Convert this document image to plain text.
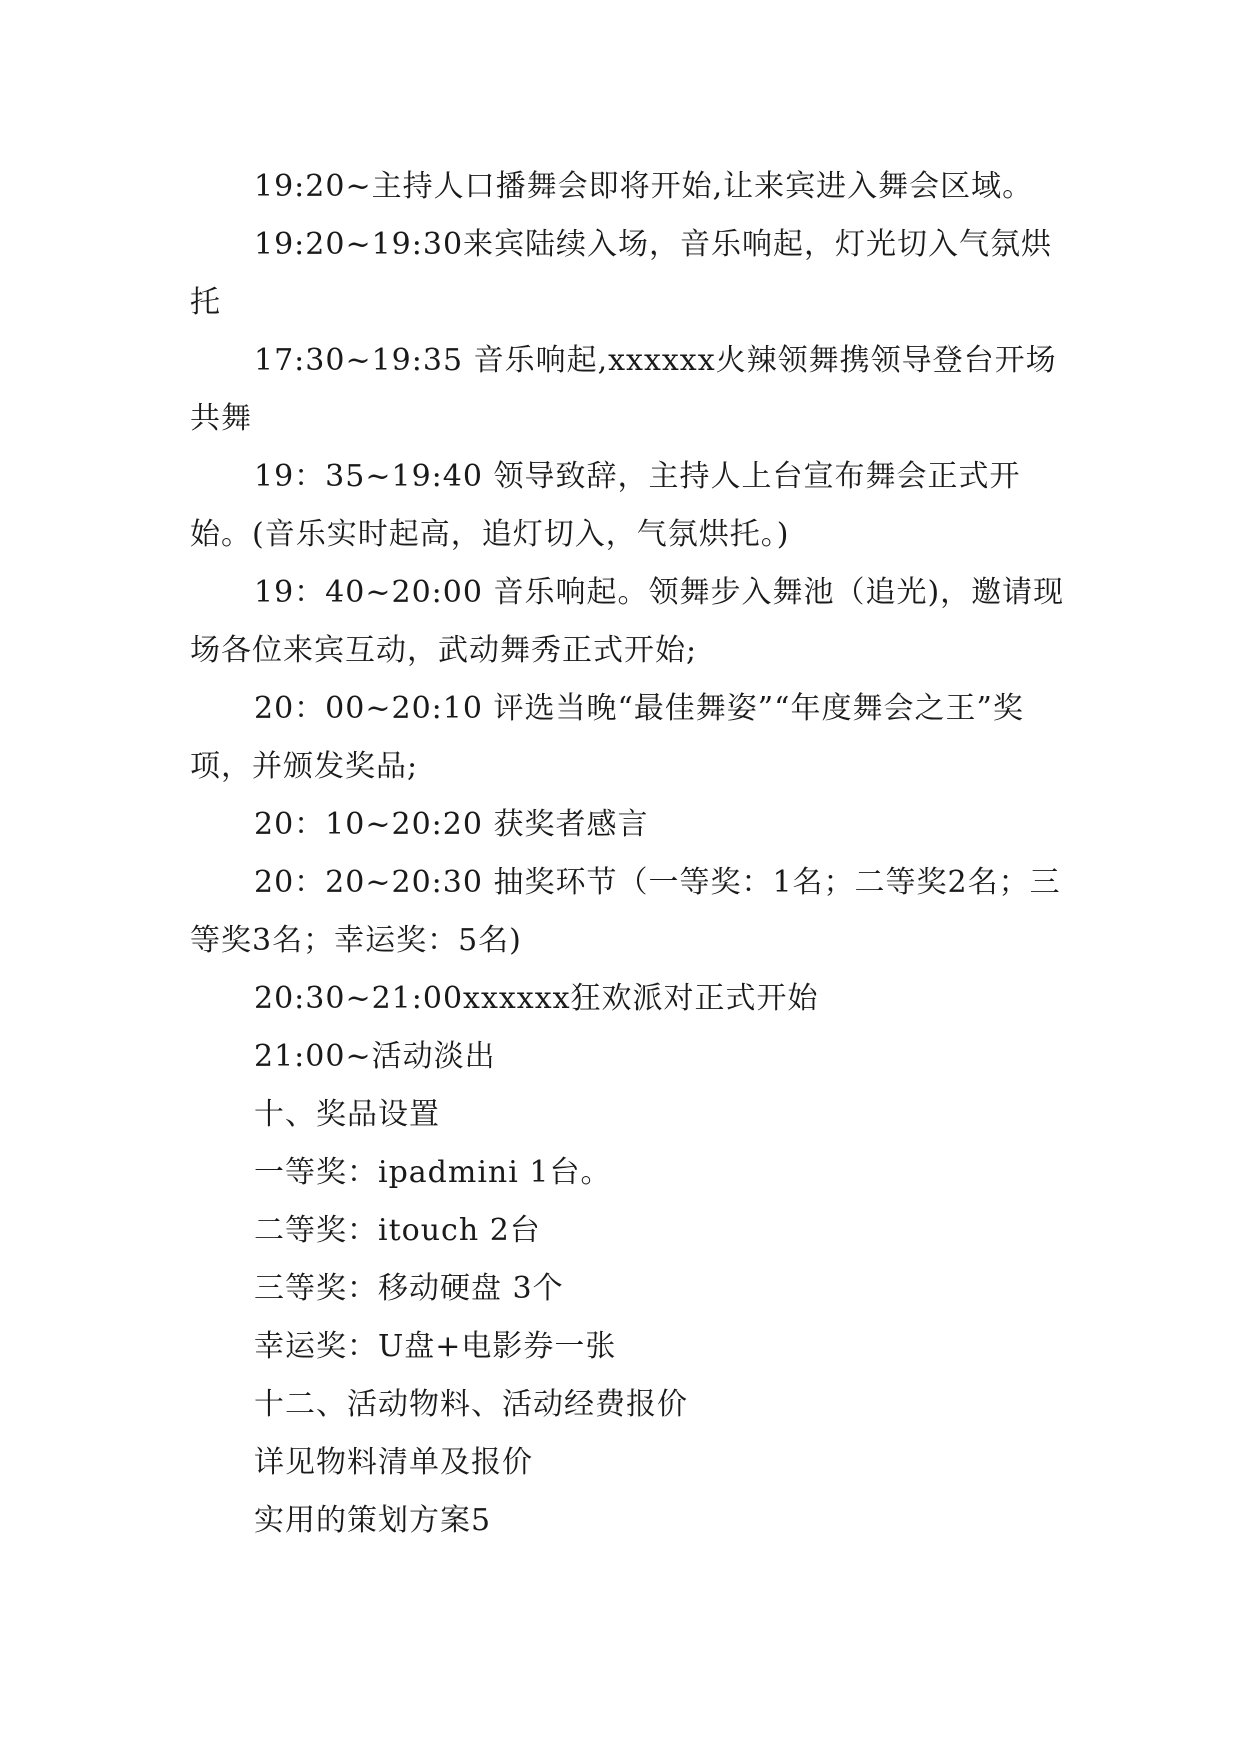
19:20~主持人口播舞会即将开始,让来宾进入舞会区域。

19:20~19:30来宾陆续入场，音乐响起，灯光切入气氛烘托

17:30~19:35 音乐响起,xxxxxx火辣领舞携领导登台开场共舞

19：35~19:40 领导致辞，主持人上台宣布舞会正式开始。(音乐实时起高，追灯切入，气氛烘托。)

19：40~20:00 音乐响起。领舞步入舞池（追光)，邀请现场各位来宾互动，武动舞秀正式开始;

20：00~20:10 评选当晚“最佳舞姿”“年度舞会之王”奖项，并颁发奖品;

20：10~20:20 获奖者感言

20：20~20:30 抽奖环节（一等奖：1名；二等奖2名；三等奖3名；幸运奖：5名)

20:30~21:00xxxxxx狂欢派对正式开始

21:00~活动淡出

十、奖品设置

一等奖：ipadmini 1台。

二等奖：itouch 2台

三等奖：移动硬盘 3个

幸运奖：U盘+电影券一张

十二、活动物料、活动经费报价

详见物料清单及报价

实用的策划方案5
